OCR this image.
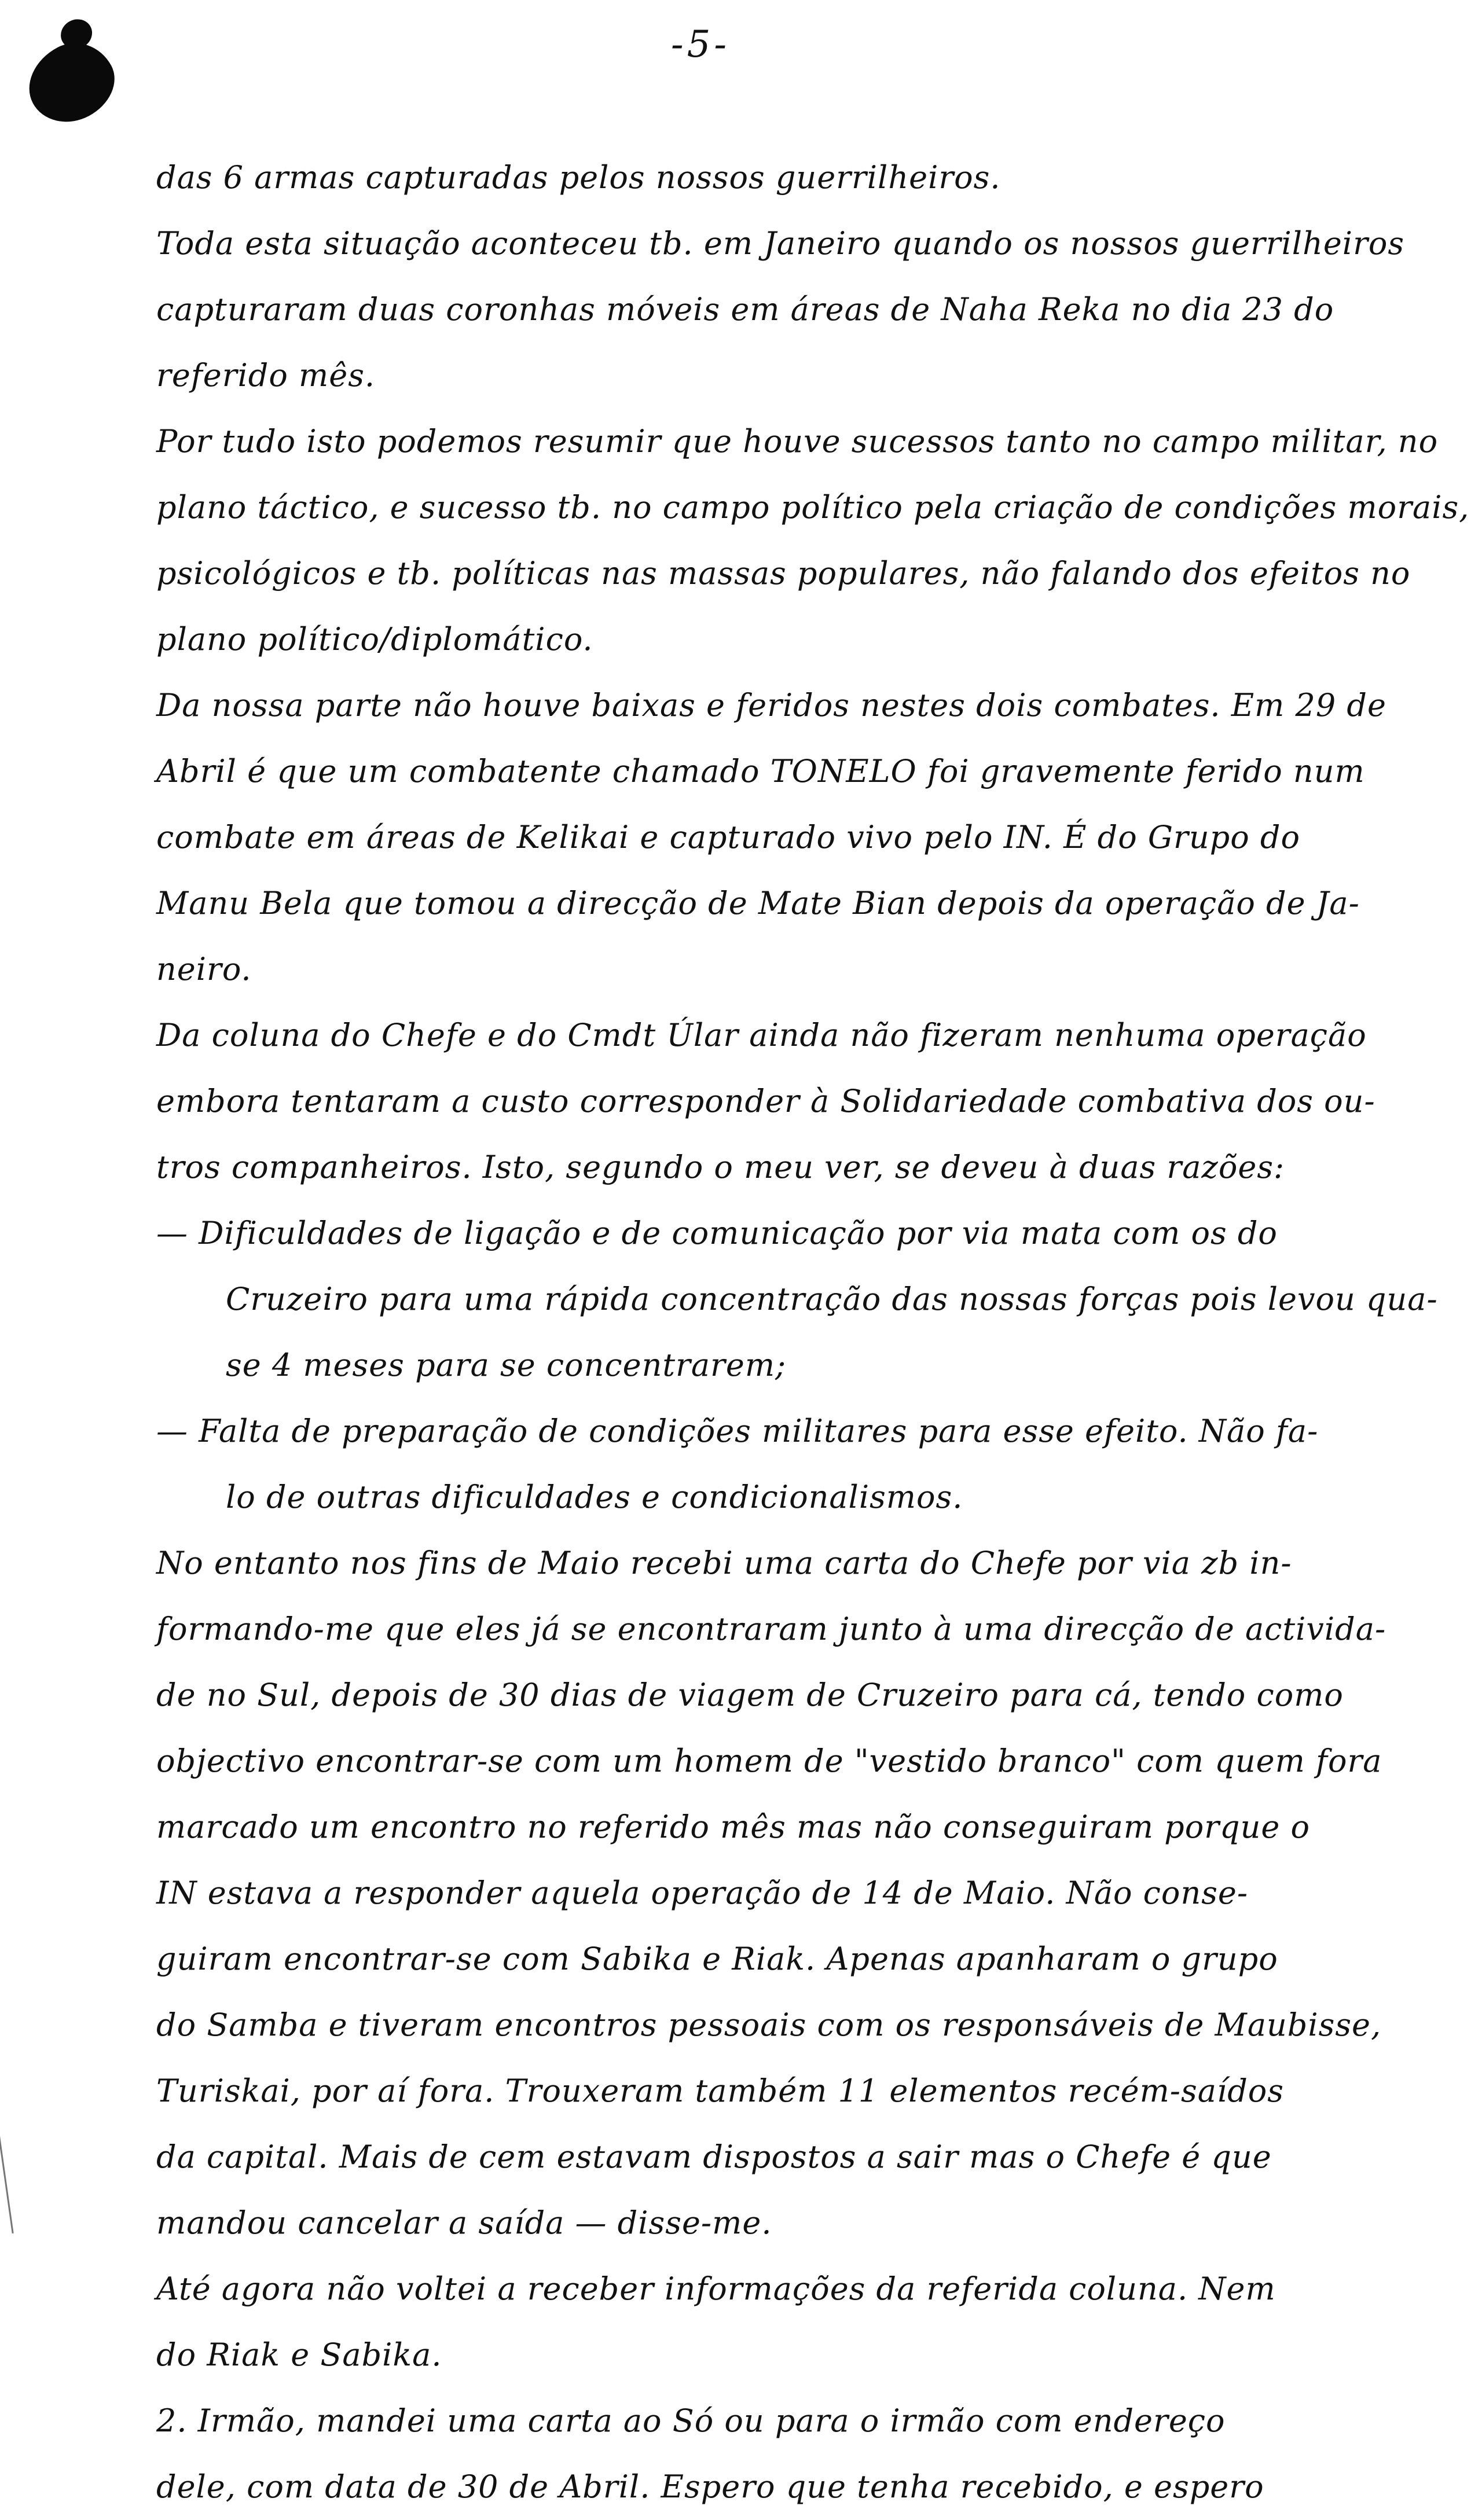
-5-
das 6 armas capturadas pelos nossos guerrilheiros.
Toda esta situação aconteceu tb. em Janeiro quando os nossos guerrilheiros
capturaram duas coronhas móveis em áreas de Naha Reka no dia 23 do
referido mês.
Por tudo isto podemos resumir que houve sucessos tanto no campo militar, no
plano táctico, e sucesso tb. no campo político pela criação de condições morais,
psicológicos e tb. políticas nas massas populares, não falando dos efeitos no
plano político/diplomático.
Da nossa parte não houve baixas e feridos nestes dois combates. Em 29 de
Abril é que um combatente chamado TONELO foi gravemente ferido num
combate em áreas de Kelikai e capturado vivo pelo IN. É do Grupo do
Manu Bela que tomou a direcção de Mate Bian depois da operação de Ja-
neiro.
Da coluna do Chefe e do Cmdt Úlar ainda não fizeram nenhuma operação
embora tentaram a custo corresponder à Solidariedade combativa dos ou-
tros companheiros. Isto, segundo o meu ver, se deveu à duas razões:
— Dificuldades de ligação e de comunicação por via mata com os do
Cruzeiro para uma rápida concentração das nossas forças pois levou qua-
se 4 meses para se concentrarem;
— Falta de preparação de condições militares para esse efeito. Não fa-
lo de outras dificuldades e condicionalismos.
No entanto nos fins de Maio recebi uma carta do Chefe por via zb in-
formando-me que eles já se encontraram junto à uma direcção de activida-
de no Sul, depois de 30 dias de viagem de Cruzeiro para cá, tendo como
objectivo encontrar-se com um homem de "vestido branco" com quem fora
marcado um encontro no referido mês mas não conseguiram porque o
IN estava a responder aquela operação de 14 de Maio. Não conse-
guiram encontrar-se com Sabika e Riak. Apenas apanharam o grupo
do Samba e tiveram encontros pessoais com os responsáveis de Maubisse,
Turiskai, por aí fora. Trouxeram também 11 elementos recém-saídos
da capital. Mais de cem estavam dispostos a sair mas o Chefe é que
mandou cancelar a saída — disse-me.
Até agora não voltei a receber informações da referida coluna. Nem
do Riak e Sabika.
2. Irmão, mandei uma carta ao Só ou para o irmão com endereço
dele, com data de 30 de Abril. Espero que tenha recebido, e espero
